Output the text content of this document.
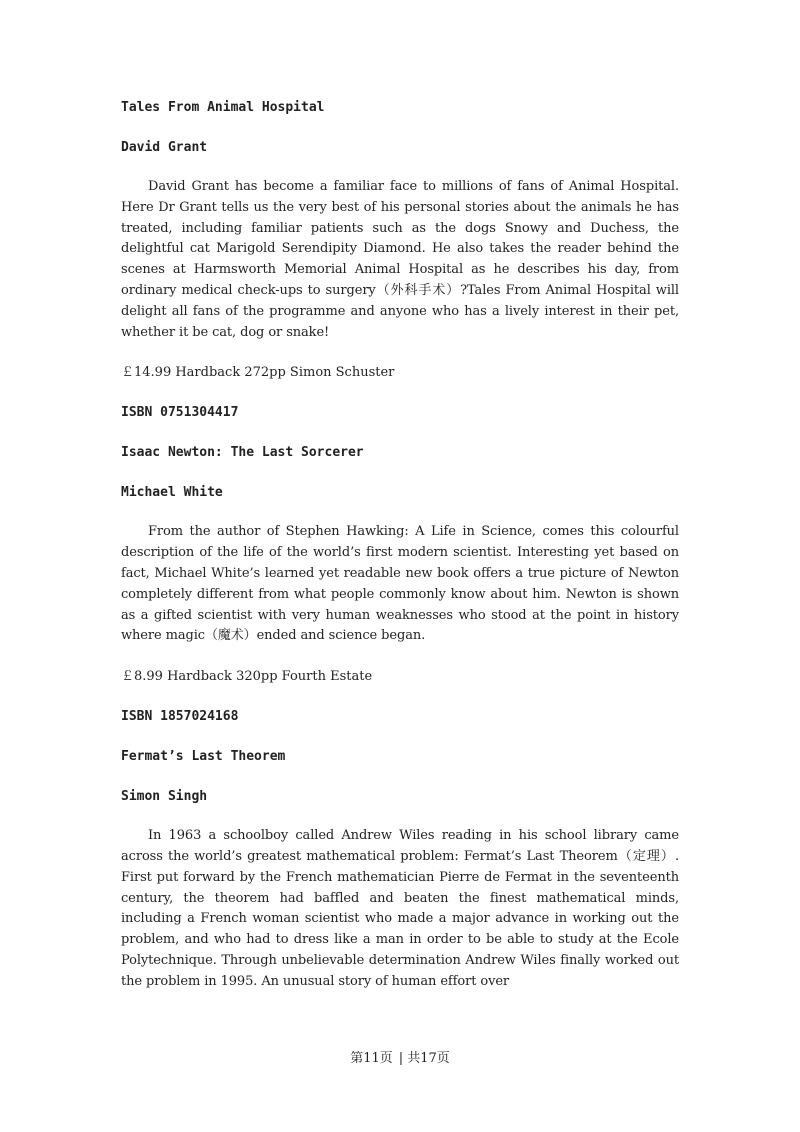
Tales From Animal Hospital
David Grant
David Grant has become a familiar face to millions of fans of Animal Hospital. Here Dr Grant tells us the very best of his personal stories about the animals he has treated, including familiar patients such as the dogs Snowy and Duchess, the delightful cat Marigold Serendipity Diamond. He also takes the reader behind the scenes at Harmsworth Memorial Animal Hospital as he describes his day, from ordinary medical check-ups to surgery（外科手术）?Tales From Animal Hospital will delight all fans of the programme and anyone who has a lively interest in their pet, whether it be cat, dog or snake!
￡14.99 Hardback 272pp Simon Schuster
ISBN 0751304417
Isaac Newton: The Last Sorcerer
Michael White
From the author of Stephen Hawking: A Life in Science, comes this colourful description of the life of the world’s first modern scientist. Interesting yet based on fact, Michael White’s learned yet readable new book offers a true picture of Newton completely different from what people commonly know about him. Newton is shown as a gifted scientist with very human weaknesses who stood at the point in history where magic（魔术）ended and science began.
￡8.99 Hardback 320pp Fourth Estate
ISBN 1857024168
Fermat’s Last Theorem
Simon Singh
In 1963 a schoolboy called Andrew Wiles reading in his school library came across the world’s greatest mathematical problem: Fermat’s Last Theorem（定理）. First put forward by the French mathematician Pierre de Fermat in the seventeenth century, the theorem had baffled and beaten the finest mathematical minds, including a French woman scientist who made a major advance in working out the problem, and who had to dress like a man in order to be able to study at the Ecole Polytechnique. Through unbelievable determination Andrew Wiles finally worked out the problem in 1995. An unusual story of human effort over
第11页 | 共17页
